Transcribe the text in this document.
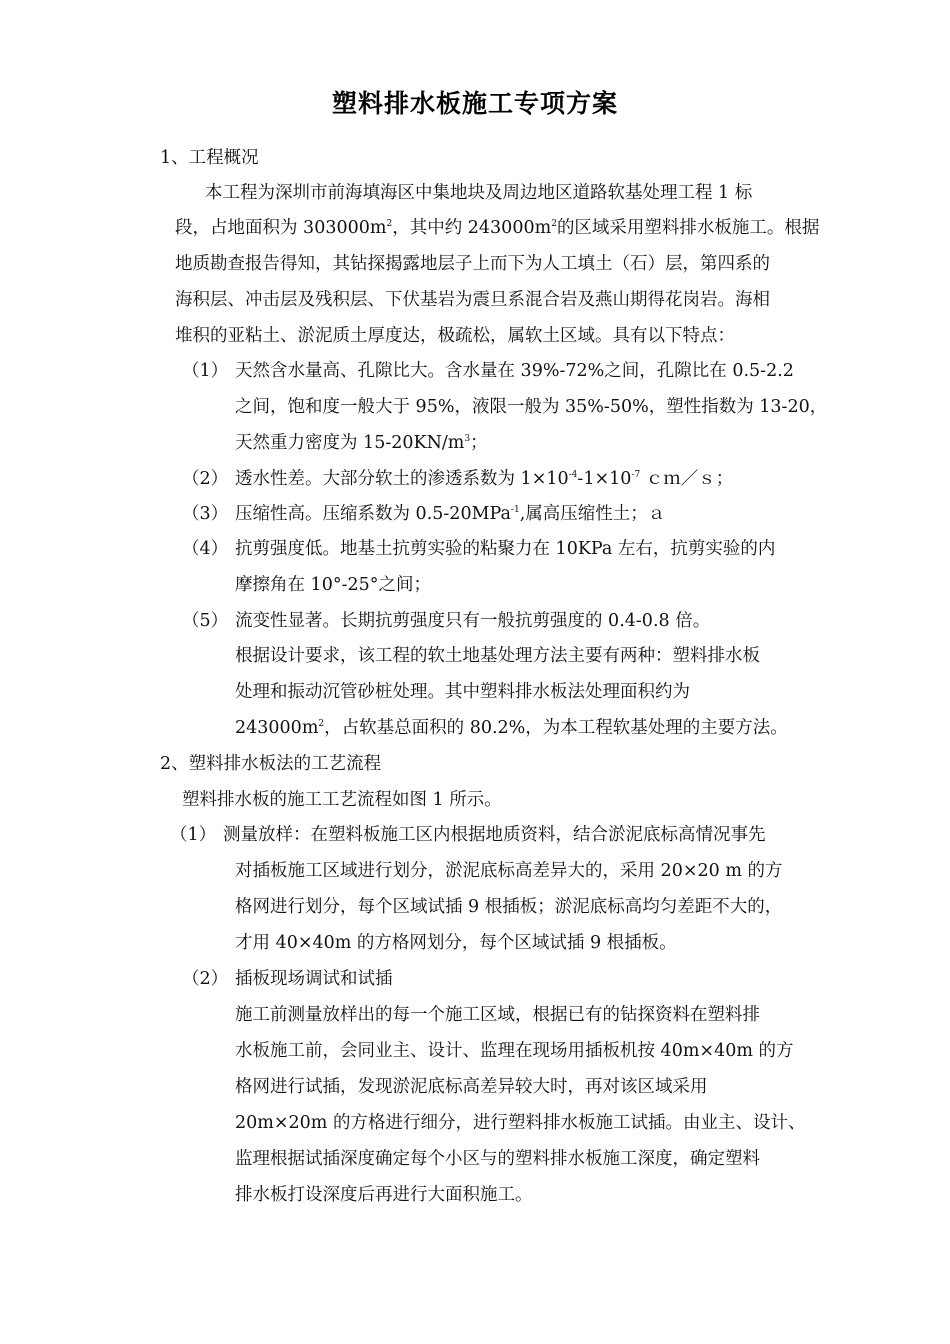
塑料排水板施工专项方案
1、工程概况
本工程为深圳市前海填海区中集地块及周边地区道路软基处理工程 1 标
段，占地面积为 $303000m^2$，其中约 $243000m^2$的区域采用塑料排水板施工。根据
地质勘查报告得知，其钻探揭露地层子上而下为人工填土（石）层，第四系的
海积层、冲击层及残积层、下伏基岩为震旦系混合岩及燕山期得花岗岩。海相
堆积的亚粘土、淤泥质土厚度达，极疏松，属软土区域。具有以下特点：
（1） 天然含水量高、孔隙比大。含水量在 39%-72%之间，孔隙比在 0.5-2.2
之间，饱和度一般大于 95%，液限一般为 35%-50%，塑性指数为 13-20，
天然重力密度为 $15-20KN/m^3$；
（2） 透水性差。大部分软土的渗透系数为 $1\times 10^{-4}-1\times 10^{-7}$ ｃｍ／ｓ；
（3） 压缩性高。压缩系数为 0.5-20MPa$^{-1}$,属高压缩性土；ａ
（4） 抗剪强度低。地基土抗剪实验的粘聚力在 10KPa 左右，抗剪实验的内
摩擦角在 10°-25°之间；
（5） 流变性显著。长期抗剪强度只有一般抗剪强度的 0.4-0.8 倍。
根据设计要求，该工程的软土地基处理方法主要有两种：塑料排水板
处理和振动沉管砂桩处理。其中塑料排水板法处理面积约为
$243000m^2$，占软基总面积的 80.2%，为本工程软基处理的主要方法。
2、塑料排水板法的工艺流程
塑料排水板的施工工艺流程如图 1 所示。
（1） 测量放样：在塑料板施工区内根据地质资料，结合淤泥底标高情况事先
对插板施工区域进行划分，淤泥底标高差异大的，采用 20×20 m 的方
格网进行划分，每个区域试插 9 根插板；淤泥底标高均匀差距不大的，
才用 40×40m 的方格网划分，每个区域试插 9 根插板。
（2） 插板现场调试和试插
施工前测量放样出的每一个施工区域，根据已有的钻探资料在塑料排
水板施工前，会同业主、设计、监理在现场用插板机按 40m×40m 的方
格网进行试插，发现淤泥底标高差异较大时，再对该区域采用
20m×20m 的方格进行细分，进行塑料排水板施工试插。由业主、设计、
监理根据试插深度确定每个小区与的塑料排水板施工深度，确定塑料
排水板打设深度后再进行大面积施工。
